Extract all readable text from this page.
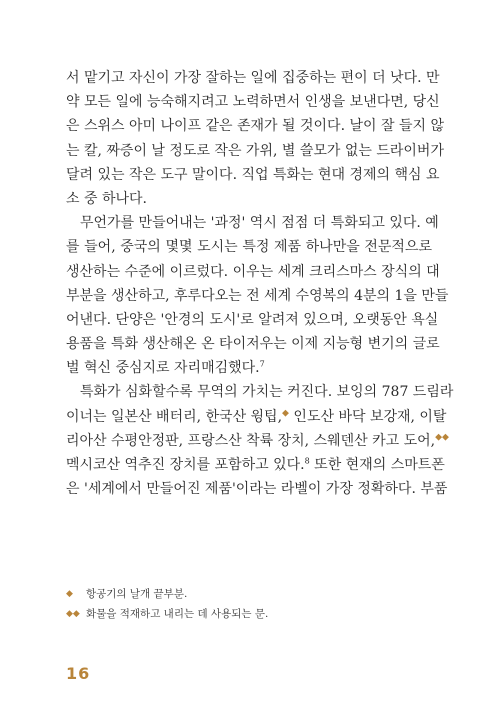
서 맡기고 자신이 가장 잘하는 일에 집중하는 편이 더 낫다. 만
약 모든 일에 능숙해지려고 노력하면서 인생을 보낸다면, 당신
은 스위스 아미 나이프 같은 존재가 될 것이다. 날이 잘 들지 않
는 칼, 짜증이 날 정도로 작은 가위, 별 쓸모가 없는 드라이버가
달려 있는 작은 도구 말이다. 직업 특화는 현대 경제의 핵심 요
소 중 하나다.
무언가를 만들어내는 '과정' 역시 점점 더 특화되고 있다. 예
를 들어, 중국의 몇몇 도시는 특정 제품 하나만을 전문적으로
생산하는 수준에 이르렀다. 이우는 세계 크리스마스 장식의 대
부분을 생산하고, 후루다오는 전 세계 수영복의 4분의 1을 만들
어낸다. 단양은 '안경의 도시'로 알려져 있으며, 오랫동안 욕실
용품을 특화 생산해온 온 타이저우는 이제 지능형 변기의 글로
벌 혁신 중심지로 자리매김했다.$^7$
특화가 심화할수록 무역의 가치는 커진다. 보잉의 787 드림라
이너는 일본산 배터리, 한국산 윙팁,◆ 인도산 바닥 보강재, 이탈
리아산 수평안정판, 프랑스산 착륙 장치, 스웨덴산 카고 도어,◆◆
멕시코산 역추진 장치를 포함하고 있다.$^8$ 또한 현재의 스마트폰
은 '세계에서 만들어진 제품'이라는 라벨이 가장 정확하다. 부품
◆	항공기의 날개 끝부분.
◆◆ 화물을 적재하고 내리는 데 사용되는 문.
16
